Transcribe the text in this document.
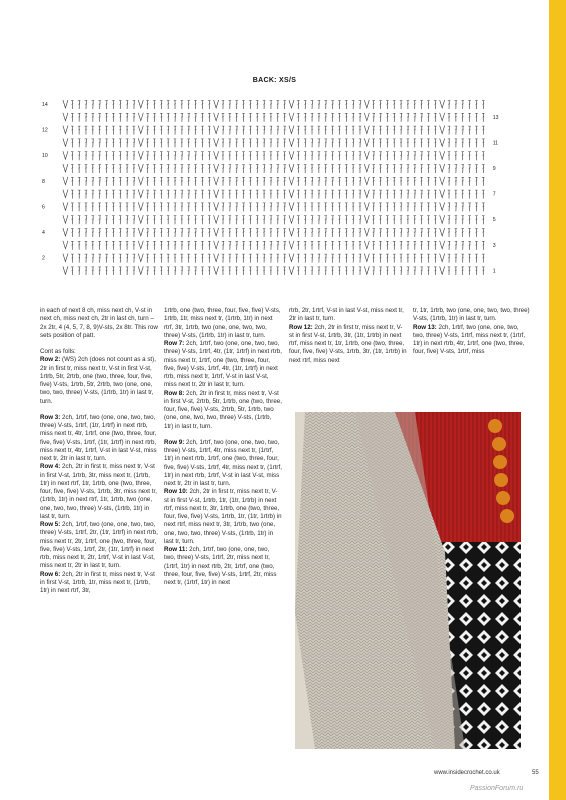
BACK: XS/S
14
13
12
11
10
9
8
7
6
5
4
3
2
1

in each of next 8 ch, miss next ch, V-st in next ch, miss next ch, 2tr in last ch, turn – 2x 2tr, 4 (4, 5, 7, 8, 9)V-sts, 2x 8tr. This row sets position of patt.

Cont as folls:

Row 2: (WS) 2ch (does not count as a st), 2tr in first tr, miss next tr, V-st in first V-st, 1rtrb, 5tr, 2rtrb, one (two, three, four, five, five) V-sts, 1rtrb, 5tr, 2rtrb, two (one, one, two, two, three) V-sts, (1rtrb, 1tr) in last tr, turn.

Row 3: 2ch, 1rtrf, two (one, one, two, two, three) V-sts, 1rtrf, (1tr, 1rtrf) in next rtrb, miss next tr, 4tr, 1rtrf, one (two, three, four, five, five) V-sts, 1rtrf, (1tr, 1rtrf) in next rtrb, miss next tr, 4tr, 1rtrf, V-st in last V-st, miss next tr, 2tr in last tr, turn.

Row 4: 2ch, 2tr in first tr, miss next tr, V-st in first V-st, 1rtrb, 3tr, miss next tr, (1rtrb, 1tr) in next rtrf, 1tr, 1rtrb, one (two, three, four, five, five) V-sts, 1rtrb, 3tr, miss next tr, (1rtrb, 1tr) in next rtrf, 1tr, 1rtrb, two (one, one, two, two, three) V-sts, (1rtrb, 1tr) in last tr, turn.

Row 5: 2ch, 1rtrf, two (one, one, two, two, three) V-sts, 1rtrf, 2tr, (1tr, 1rtrf) in next rtrb, miss next tr, 2tr, 1rtrf, one (two, three, four, five, five) V-sts, 1rtrf, 2tr, (1tr, 1rtrf) in next rtrb, miss next tr, 2tr, 1rtrf, V-st in last V-st, miss next tr, 2tr in last tr, turn.

Row 6: 2ch, 2tr in first tr, miss next tr, V-st in first V-st, 1rtrb, 1tr, miss next tr, (1rtrb, 1tr) in next rtrf, 3tr,

1rtrb, one (two, three, four, five, five) V-sts, 1rtrb, 1tr, miss next tr, (1rtrb, 1tr) in next rtrf, 3tr, 1rtrb, two (one, one, two, two, three) V-sts, (1rtrb, 1tr) in last tr, turn.

Row 7: 2ch, 1rtrf, two (one, one, two, two, three) V-sts, 1rtrf, 4tr, (1tr, 1rtrf) in next rtrb, miss next tr, 1rtrf, one (two, three, four, five, five) V-sts, 1rtrf, 4tr, (1tr, 1rtrf) in next rtrb, miss next tr, 1rtrf, V-st in last V-st, miss next tr, 2tr in last tr, turn.

Row 8: 2ch, 2tr in first tr, miss next tr, V-st in first V-st, 2rtrb, 5tr, 1rtrb, one (two, three, four, five, five) V-sts, 2rtrb, 5tr, 1rtrb, two (one, one, two, two, three) V-sts, (1rtrb, 1tr) in last tr, turn.

Row 9: 2ch, 1rtrf, two (one, one, two, two, three) V-sts, 1rtrf, 4tr, miss next tr, (1rtrf, 1tr) in next rtrb, 1rtrf, one (two, three, four, five, five) V-sts, 1rtrf, 4tr, miss next tr, (1rtrf, 1tr) in next rtrb, 1rtrf, V-st in last V-st, miss next tr, 2tr in last tr, turn.

Row 10: 2ch, 2tr in first tr, miss next tr, V-st in first V-st, 1rtrb, 1tr, (1tr, 1rtrb) in next rtrf, miss next tr, 3tr, 1rtrb, one (two, three, four, five, five) V-sts, 1rtrb, 1tr, (1tr, 1rtrb) in next rtrf, miss next tr, 3tr, 1rtrb, two (one, one, two, two, three) V-sts, (1rtrb, 1tr) in last tr, turn.

Row 11: 2ch, 1rtrf, two (one, one, two, two, three) V-sts, 1rtrf, 2tr, miss next tr, (1rtrf, 1tr) in next rtrb, 2tr, 1rtrf, one (two, three, four, five, five) V-sts, 1rtrf, 2tr, miss next tr, (1rtrf, 1tr) in next

rtrb, 2tr, 1rtrf, V-st in last V-st, miss next tr, 2tr in last tr, turn.

Row 12: 2ch, 2tr in first tr, miss next tr, V-st in first V-st, 1rtrb, 3tr, (1tr, 1rtrb) in next rtrf, miss next tr, 1tr, 1rtrb, one (two, three, four, five, five) V-sts, 1rtrb, 3tr, (1tr, 1rtrb) in next rtrf, miss next

tr, 1tr, 1rtrb, two (one, one, two, two, three) V-sts, (1rtrb, 1tr) in last tr, turn.

Row 13: 2ch, 1rtrf, two (one, one, two, two, three) V-sts, 1rtrf, miss next tr, (1rtrf, 1tr) in next rtrb, 4tr, 1rtrf, one (two, three, four, five) V-sts, 1rtrf, miss

www.insidecrochet.co.uk	55
PassionForum.ru
